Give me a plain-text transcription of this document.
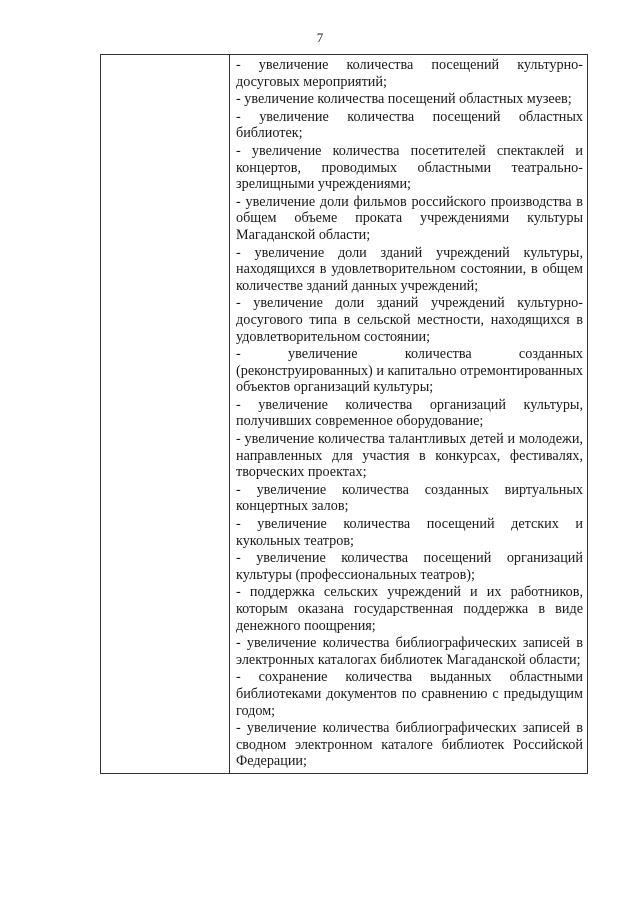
7

- увеличение количества посещений культурно-досуговых мероприятий;

- увеличение количества посещений областных музеев;

- увеличение количества посещений областных библиотек;

- увеличение количества посетителей спектаклей и концертов, проводимых областными театрально-зрелищными учреждениями;

- увеличение доли фильмов российского производства в общем объеме проката учреждениями культуры Магаданской области;

- увеличение доли зданий учреждений культуры, находящихся в удовлетворительном состоянии, в общем количестве зданий данных учреждений;

- увеличение доли зданий учреждений культурно-досугового типа в сельской местности, находящихся в удовлетворительном состоянии;

- увеличение количества созданных (реконструированных) и капитально отремонтированных объектов организаций культуры;

- увеличение количества организаций культуры, получивших современное оборудование;

- увеличение количества талантливых детей и молодежи, направленных для участия в конкурсах, фестивалях, творческих проектах;

- увеличение количества созданных виртуальных концертных залов;

- увеличение количества посещений детских и кукольных театров;

- увеличение количества посещений организаций культуры (профессиональных театров);

- поддержка сельских учреждений и их работников, которым оказана государственная поддержка в виде денежного поощрения;

- увеличение количества библиографических записей в электронных каталогах библиотек Магаданской области;

- сохранение количества выданных областными библиотеками документов по сравнению с предыдущим годом;

- увеличение количества библиографических записей в сводном электронном каталоге библиотек Российской Федерации;
